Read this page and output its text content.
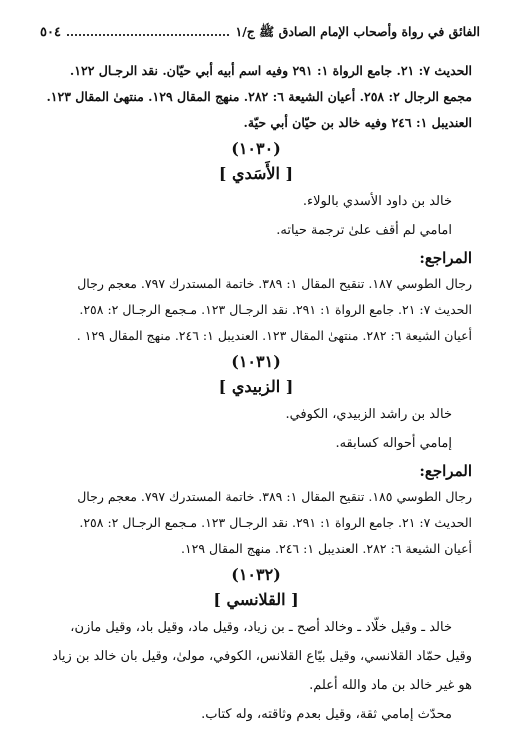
الفائق في رواة وأصحاب الإمام الصادق ﷺ ج/١
٥٠٤
الحديث ٧: ٢١. جامع الرواة ١: ٢٩١ وفيه اسم أبيه أبي حيّان. نقد الرجـال ١٢٢.
مجمع الرجال ٢: ٢٥٨. أعيان الشيعة ٦: ٢٨٢. منهج المقال ١٢٩. منتهىٰ المقال ١٢٣.
العنديبل ١: ٢٤٦ وفيه خالد بن حيّان أبي حيّة.
(١٠٣٠)
[ الأَسَدي ]
خالد بن داود الأسدي بالولاء.
امامي لم أقف علىٰ ترجمة حياته.
المراجع:
رجال الطوسي ١٨٧. تنقيح المقال ١: ٣٨٩. خاتمة المستدرك ٧٩٧. معجم رجال
الحديث ٧: ٢١. جامع الرواة ١: ٢٩١. نقد الرجـال ١٢٣. مـجمع الرجـال ٢: ٢٥٨.
أعيان الشيعة ٦: ٢٨٢. منتهىٰ المقال ١٢٣. العنديبل ١: ٢٤٦. منهج المقال ١٢٩ .
(١٠٣١)
[ الزبيدي ]
خالد بن راشد الزبيدي، الكوفي.
إمامي أحواله كسابقه.
المراجع:
رجال الطوسي ١٨٥. تنقيح المقال ١: ٣٨٩. خاتمة المستدرك ٧٩٧. معجم رجال
الحديث ٧: ٢١. جامع الرواة ١: ٢٩١. نقد الرجـال ١٢٣. مـجمع الرجـال ٢: ٢٥٨.
أعيان الشيعة ٦: ٢٨٢. العنديبل ١: ٢٤٦. منهج المقال ١٢٩.
(١٠٣٢)
[ القلانسي ]
خالد ـ وقيل خلّاد ـ وخالد أصح ـ بن زياد، وقيل ماد، وقيل باد، وقيل مازن،
وقيل حمّاد القلانسي، وقيل بيّاع القلانس، الكوفي، مولىٰ، وقيل بان خالد بن زياد
هو غير خالد بن ماد والله أعلم.
محدّث إمامي ثقة، وقيل بعدم وثاقته، وله كتاب.
